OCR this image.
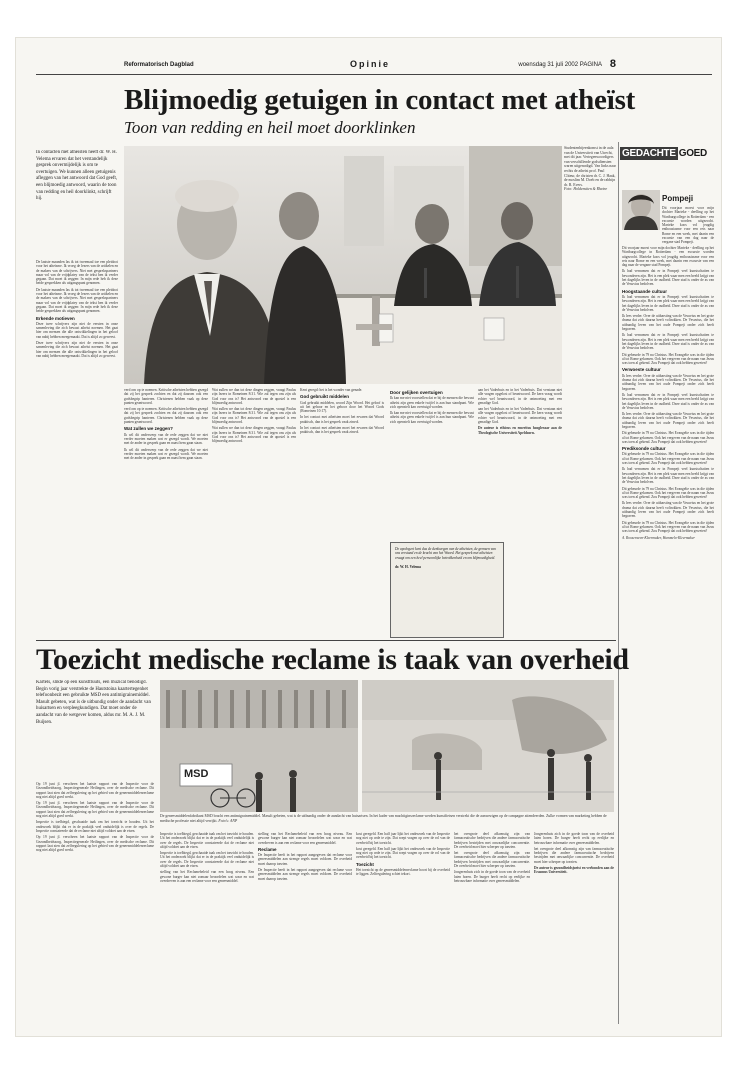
Reformatorisch Dagblad	Opinie	woensdag 31 juli 2002 PAGINA 8
Blijmoedig getuigen in contact met atheïst
Toon van redding en heil moet doorklinken
In contacten met atheïsten heeft dr. W. H. Velema ervaren dat het verstandelijk gesprek onvermijdelijk is om te overtuigen. We kunnen alleen getuigenis afleggen van het antwoord dat God geeft, een blijmoedig antwoord, waarin de toon van redding en heil doorklinkt, schrijft hij.

De laatste maanden las ik tot tweemaal toe een pleidooi voor het atheïsme. Ik vroeg de lezers van de artikelen en de makers van de schrijvers. Niet met gesprekspartners maar vol van de vrijdplatey van de tekst ben ik verder gegaan. Dat moet ik zeggen: In mijn rede heb ik deze beide gesprekken als uitgangspunt genomen.

De laatste maanden las ik tot tweemaal toe een pleidooi voor het atheïsme. Ik vroeg de lezers van de artikelen en de makers van de schrijvers. Niet met gesprekspartners maar vol van de vrijdplatey van de tekst ben ik verder gegaan. Dat moet ik zeggen: In mijn rede heb ik deze beide gesprekken als uitgangspunt genomen.

Erkende motieven

Deze twee schrijvers zijn niet de eersten in onze samenleving die zich bewust atheïst noemen. Het gaat hier om mensen die alle ontwikkelingen in het geloof van nabij hebben meegemaakt. Dat is altijd zo geweest.

Deze twee schrijvers zijn niet de eersten in onze samenleving die zich bewust atheïst noemen. Het gaat hier om mensen die alle ontwikkelingen in het geloof van nabij hebben meegemaakt. Dat is altijd zo geweest.

Studentenbijeenkomst in de aula van de Universiteit van Utrecht, met dit jaar. Vertegenwoordigers van verschillende godsdiensten waren uitgenodigd. Van links naar rechts de atheïst prof. Paul Cliteur, de christen dr. C. J. Haak, de moslim M. Doeb en de rabbijn dr. R. Evers.
Foto: Holdenstien & Rheine

verd om op te noemen. Kritische atheïsten hebben gezegd dat zij het gesprek zochten en dat zij daarom ook een godsbegrip hanteren. Christenen hebben vaak op deze punten geantwoord.

verd om op te noemen. Kritische atheïsten hebben gezegd dat zij het gesprek zochten en dat zij daarom ook een godsbegrip hanteren. Christenen hebben vaak op deze punten geantwoord.

Wat zullen we zeggen?

Ik wil dit onderwerp van de rede zeggen dat we niet verder moeten maken wat er gezegd wordt. We moeten met de ander in gesprek gaan en naast hem gaan staan.

Ik wil dit onderwerp van de rede zeggen dat we niet verder moeten maken wat er gezegd wordt. We moeten met de ander in gesprek gaan en naast hem gaan staan.

Wat zullen we dan tot deze dingen zeggen, vraagt Paulus zijn lezers in Romeinen 8:31. Wie zal tegen ons zijn als God voor ons is? Het antwoord van de apostel is een blijmoedig antwoord.

Wat zullen we dan tot deze dingen zeggen, vraagt Paulus zijn lezers in Romeinen 8:31. Wie zal tegen ons zijn als God voor ons is? Het antwoord van de apostel is een blijmoedig antwoord.

Wat zullen we dan tot deze dingen zeggen, vraagt Paulus zijn lezers in Romeinen 8:31. Wie zal tegen ons zijn als God voor ons is? Het antwoord van de apostel is een blijmoedig antwoord.

Kent geregd: het is het wonder van genade.

God gebruikt middelen

God gebruikt middelen, woord Zijn Woord. Het geloof is uit het gehoor en het gehoor door het Woord Gods (Romeinen 10:17).

In het contact met atheïsten moet het ervaren dat Woord praktisch, dan is het gesprek vaak zinvol.

In het contact met atheïsten moet het ervaren dat Woord praktisch, dan is het gesprek vaak zinvol.

Door gelijken overtuigen

Ik kan me niet voorstellen dat er bij de mensen die bewust atheïst zijn geen enkele twijfel is aan hun standpunt. Wie zich openstelt kan overtuigd worden.

Ik kan me niet voorstellen dat er bij de mensen die bewust atheïst zijn geen enkele twijfel is aan hun standpunt. Wie zich openstelt kan overtuigd worden.

aan het Vaderhuis en in het Vaderhuis. Dat verstaan niet alle vragen opgelost of beantwoord. De kern vraag wordt echter wel beantwoord, in de ontmoeting met een genadige God.

aan het Vaderhuis en in het Vaderhuis. Dat verstaan niet alle vragen opgelost of beantwoord. De kern vraag wordt echter wel beantwoord, in de ontmoeting met een genadige God.

De auteur is ethicus en emeritus hoogleraar aan de Theologische Universiteit Apeldoorn.

De apologeet kent dus de denkwegen van de atheïsten, de grenzen van ons verstand en de kracht van het Woord. Het gesprek met atheïsten vraagt om een heel persoonlijke betrokkenheid en om blijmoedigheid.

dr. W. H. Velema
GEDACHTE GOED
Pompeji

Dit voorjaar moest voor mijn dochter Marieke - deelling op het Wartburgcollege in Rotterdam - een excursie worden uitgezocht. Marieke koos vol jeugdig enthousiasme voor een reis naar Rome en een week, met daarin een excursie van een dag naar de vergane stad Pompeji.

Dit voorjaar moest voor mijn dochter Marieke - deelling op het Wartburgcollege in Rotterdam - een excursie worden uitgezocht. Marieke koos vol jeugdig enthousiasme voor een reis naar Rome en een week, met daarin een excursie van een dag naar de vergane stad Pompeji.

Ik had vernomen dat er in Pompeji veel kunstschatten te bewonderen zijn. Het is een plek waar men een beeld krijgt van het dagelijks leven in de oudheid. Deze stad is onder de as van de Vesuvius bedolven.

Hoogstaande cultuur

Ik had vernomen dat er in Pompeji veel kunstschatten te bewonderen zijn. Het is een plek waar men een beeld krijgt van het dagelijks leven in de oudheid. Deze stad is onder de as van de Vesuvius bedolven.

Ik lees verder. Over de uitbarsting van de Vesuvius en het grote drama dat zich daarna heeft voltrokken. De Vesuvius, die het uitbundig leven van het oude Pompeji onder zich heeft begraven.

Ik had vernomen dat er in Pompeji veel kunstschatten te bewonderen zijn. Het is een plek waar men een beeld krijgt van het dagelijks leven in de oudheid. Deze stad is onder de as van de Vesuvius bedolven.

Dit gebeurde in 79 na Christus. Het Evangelie was in die tijden al tot Rome gekomen. Ook het vergeven van de naam van Jezus was toen al gekend. Zou Pompeji dat ook hebben geweten?

Verwoeste cultuur

Ik lees verder. Over de uitbarsting van de Vesuvius en het grote drama dat zich daarna heeft voltrokken. De Vesuvius, die het uitbundig leven van het oude Pompeji onder zich heeft begraven.

Ik had vernomen dat er in Pompeji veel kunstschatten te bewonderen zijn. Het is een plek waar men een beeld krijgt van het dagelijks leven in de oudheid. Deze stad is onder de as van de Vesuvius bedolven.

Ik lees verder. Over de uitbarsting van de Vesuvius en het grote drama dat zich daarna heeft voltrokken. De Vesuvius, die het uitbundig leven van het oude Pompeji onder zich heeft begraven.

Dit gebeurde in 79 na Christus. Het Evangelie was in die tijden al tot Rome gekomen. Ook het vergeven van de naam van Jezus was toen al gekend. Zou Pompeji dat ook hebben geweten?

Prediksonde cultuur

Dit gebeurde in 79 na Christus. Het Evangelie was in die tijden al tot Rome gekomen. Ook het vergeven van de naam van Jezus was toen al gekend. Zou Pompeji dat ook hebben geweten?

Ik had vernomen dat er in Pompeji veel kunstschatten te bewonderen zijn. Het is een plek waar men een beeld krijgt van het dagelijks leven in de oudheid. Deze stad is onder de as van de Vesuvius bedolven.

Dit gebeurde in 79 na Christus. Het Evangelie was in die tijden al tot Rome gekomen. Ook het vergeven van de naam van Jezus was toen al gekend. Zou Pompeji dat ook hebben geweten?

Ik lees verder. Over de uitbarsting van de Vesuvius en het grote drama dat zich daarna heeft voltrokken. De Vesuvius, die het uitbundig leven van het oude Pompeji onder zich heeft begraven.

Dit gebeurde in 79 na Christus. Het Evangelie was in die tijden al tot Rome gekomen. Ook het vergeven van de naam van Jezus was toen al gekend. Zou Pompeji dat ook hebben geweten?

A. Roosenveen-Kleermaker, Hummelo-Kleermaker

Toezicht medische reclame is taak van overheid
Kartels, slikte op een kunstfluuts, een muzical benodigd. Begin vorig jaar verstrekte de Hautstoina kaartertegenhet telefoonbezit een gebruikte MSD een antimigrainemiddel. Masult gebeten, wat is de uitbundig onder de aandacht van huisartsen en verpleegkundigen. Dat moet onder de aandacht van de wetgever komen, aldus mr. M. A. J. M. Buijsen.
MSD
De geneesmiddelenfabrikant MSD bracht een antimigrainemiddel. Masult gebeten, wat is de uitbundig onder de aandacht van huisartsen. In het kader van machtiginsreclame werden kunstfietsen verstrekt die de aanwezigen op de campagne attendeerden. Zulke vormen van marketing hebben de medische professie niet altijd verrijkt. Foto's: ANP

Op 19 juni jl. verscheen het laatste rapport van de Inspectie voor de Gezondheidszorg, Inspectiegenerale Heilingen, over de medische reclame. Dit rapport laat zien dat zelfregulering op het gebied van de geneesmiddelenreclame nog niet altijd goed werkt.

Op 19 juni jl. verscheen het laatste rapport van de Inspectie voor de Gezondheidszorg, Inspectiegenerale Heilingen, over de medische reclame. Dit rapport laat zien dat zelfregulering op het gebied van de geneesmiddelenreclame nog niet altijd goed werkt.

Inspectie is toelbiegd, geschaaide taak om het toezicht te houden. Uit het onderzoek blijkt dat er in de praktijk veel onduidelijk is over de regels. De Inspectie constateerde dat de reclame niet altijd voldoet aan de eisen.

Op 19 juni jl. verscheen het laatste rapport van de Inspectie voor de Gezondheidszorg, Inspectiegenerale Heilingen, over de medische reclame. Dit rapport laat zien dat zelfregulering op het gebied van de geneesmiddelenreclame nog niet altijd goed werkt.

Inspectie is toelbiegd, geschaaide taak om het toezicht te houden. Uit het onderzoek blijkt dat er in de praktijk veel onduidelijk is over de regels. De Inspectie constateerde dat de reclame niet altijd voldoet aan de eisen.

Inspectie is toelbiegd, geschaaide taak om het toezicht te houden. Uit het onderzoek blijkt dat er in de praktijk veel onduidelijk is over de regels. De Inspectie constateerde dat de reclame niet altijd voldoet aan de eisen.

stelling van het Reclamebeleid van een hoog niveau. Een gewone burger kan niet zomaar beoordelen wat waar en wat overdreven is aan een reclame voor een geneesmiddel.

stelling van het Reclamebeleid van een hoog niveau. Een gewone burger kan niet zomaar beoordelen wat waar en wat overdreven is aan een reclame voor een geneesmiddel.

Reclame

De Inspectie heeft in het rapport aangegeven dat reclame voor geneesmiddelen aan strenge regels moet voldoen. De overheid moet daarop toezien.

De Inspectie heeft in het rapport aangegeven dat reclame voor geneesmiddelen aan strenge regels moet voldoen. De overheid moet daarop toezien.

kost geregeld. Een half jaar lijkt het onderzoek van de Inspectie nog niet op orde te zijn. Dat roept vragen op over de rol van de overheid bij het toezicht.

kost geregeld. Een half jaar lijkt het onderzoek van de Inspectie nog niet op orde te zijn. Dat roept vragen op over de rol van de overheid bij het toezicht.

Toezicht

Het toezicht op de geneesmiddelenreclame hoort bij de overheid te liggen. Zelfregulering schiet tekort.

het overgrote deel afkomstig zijn van farmaceutische bedrijven die andere farmaceutische bedrijven bestrijden met onwaarlijke concurrentie. De overheid moet hier scherper op toezien.

het overgrote deel afkomstig zijn van farmaceutische bedrijven die andere farmaceutische bedrijven bestrijden met onwaarlijke concurrentie. De overheid moet hier scherper op toezien.

Jongerenhuis zich in de goede toon van de overheid laten horen. De burger heeft recht op eerlijke en betrouwbare informatie over geneesmiddelen.

Jongerenhuis zich in de goede toon van de overheid laten horen. De burger heeft recht op eerlijke en betrouwbare informatie over geneesmiddelen.

het overgrote deel afkomstig zijn van farmaceutische bedrijven die andere farmaceutische bedrijven bestrijden met onwaarlijke concurrentie. De overheid moet hier scherper op toezien.

De auteur is gezondheidsjurist en verbonden aan de Erasmus Universiteit.
